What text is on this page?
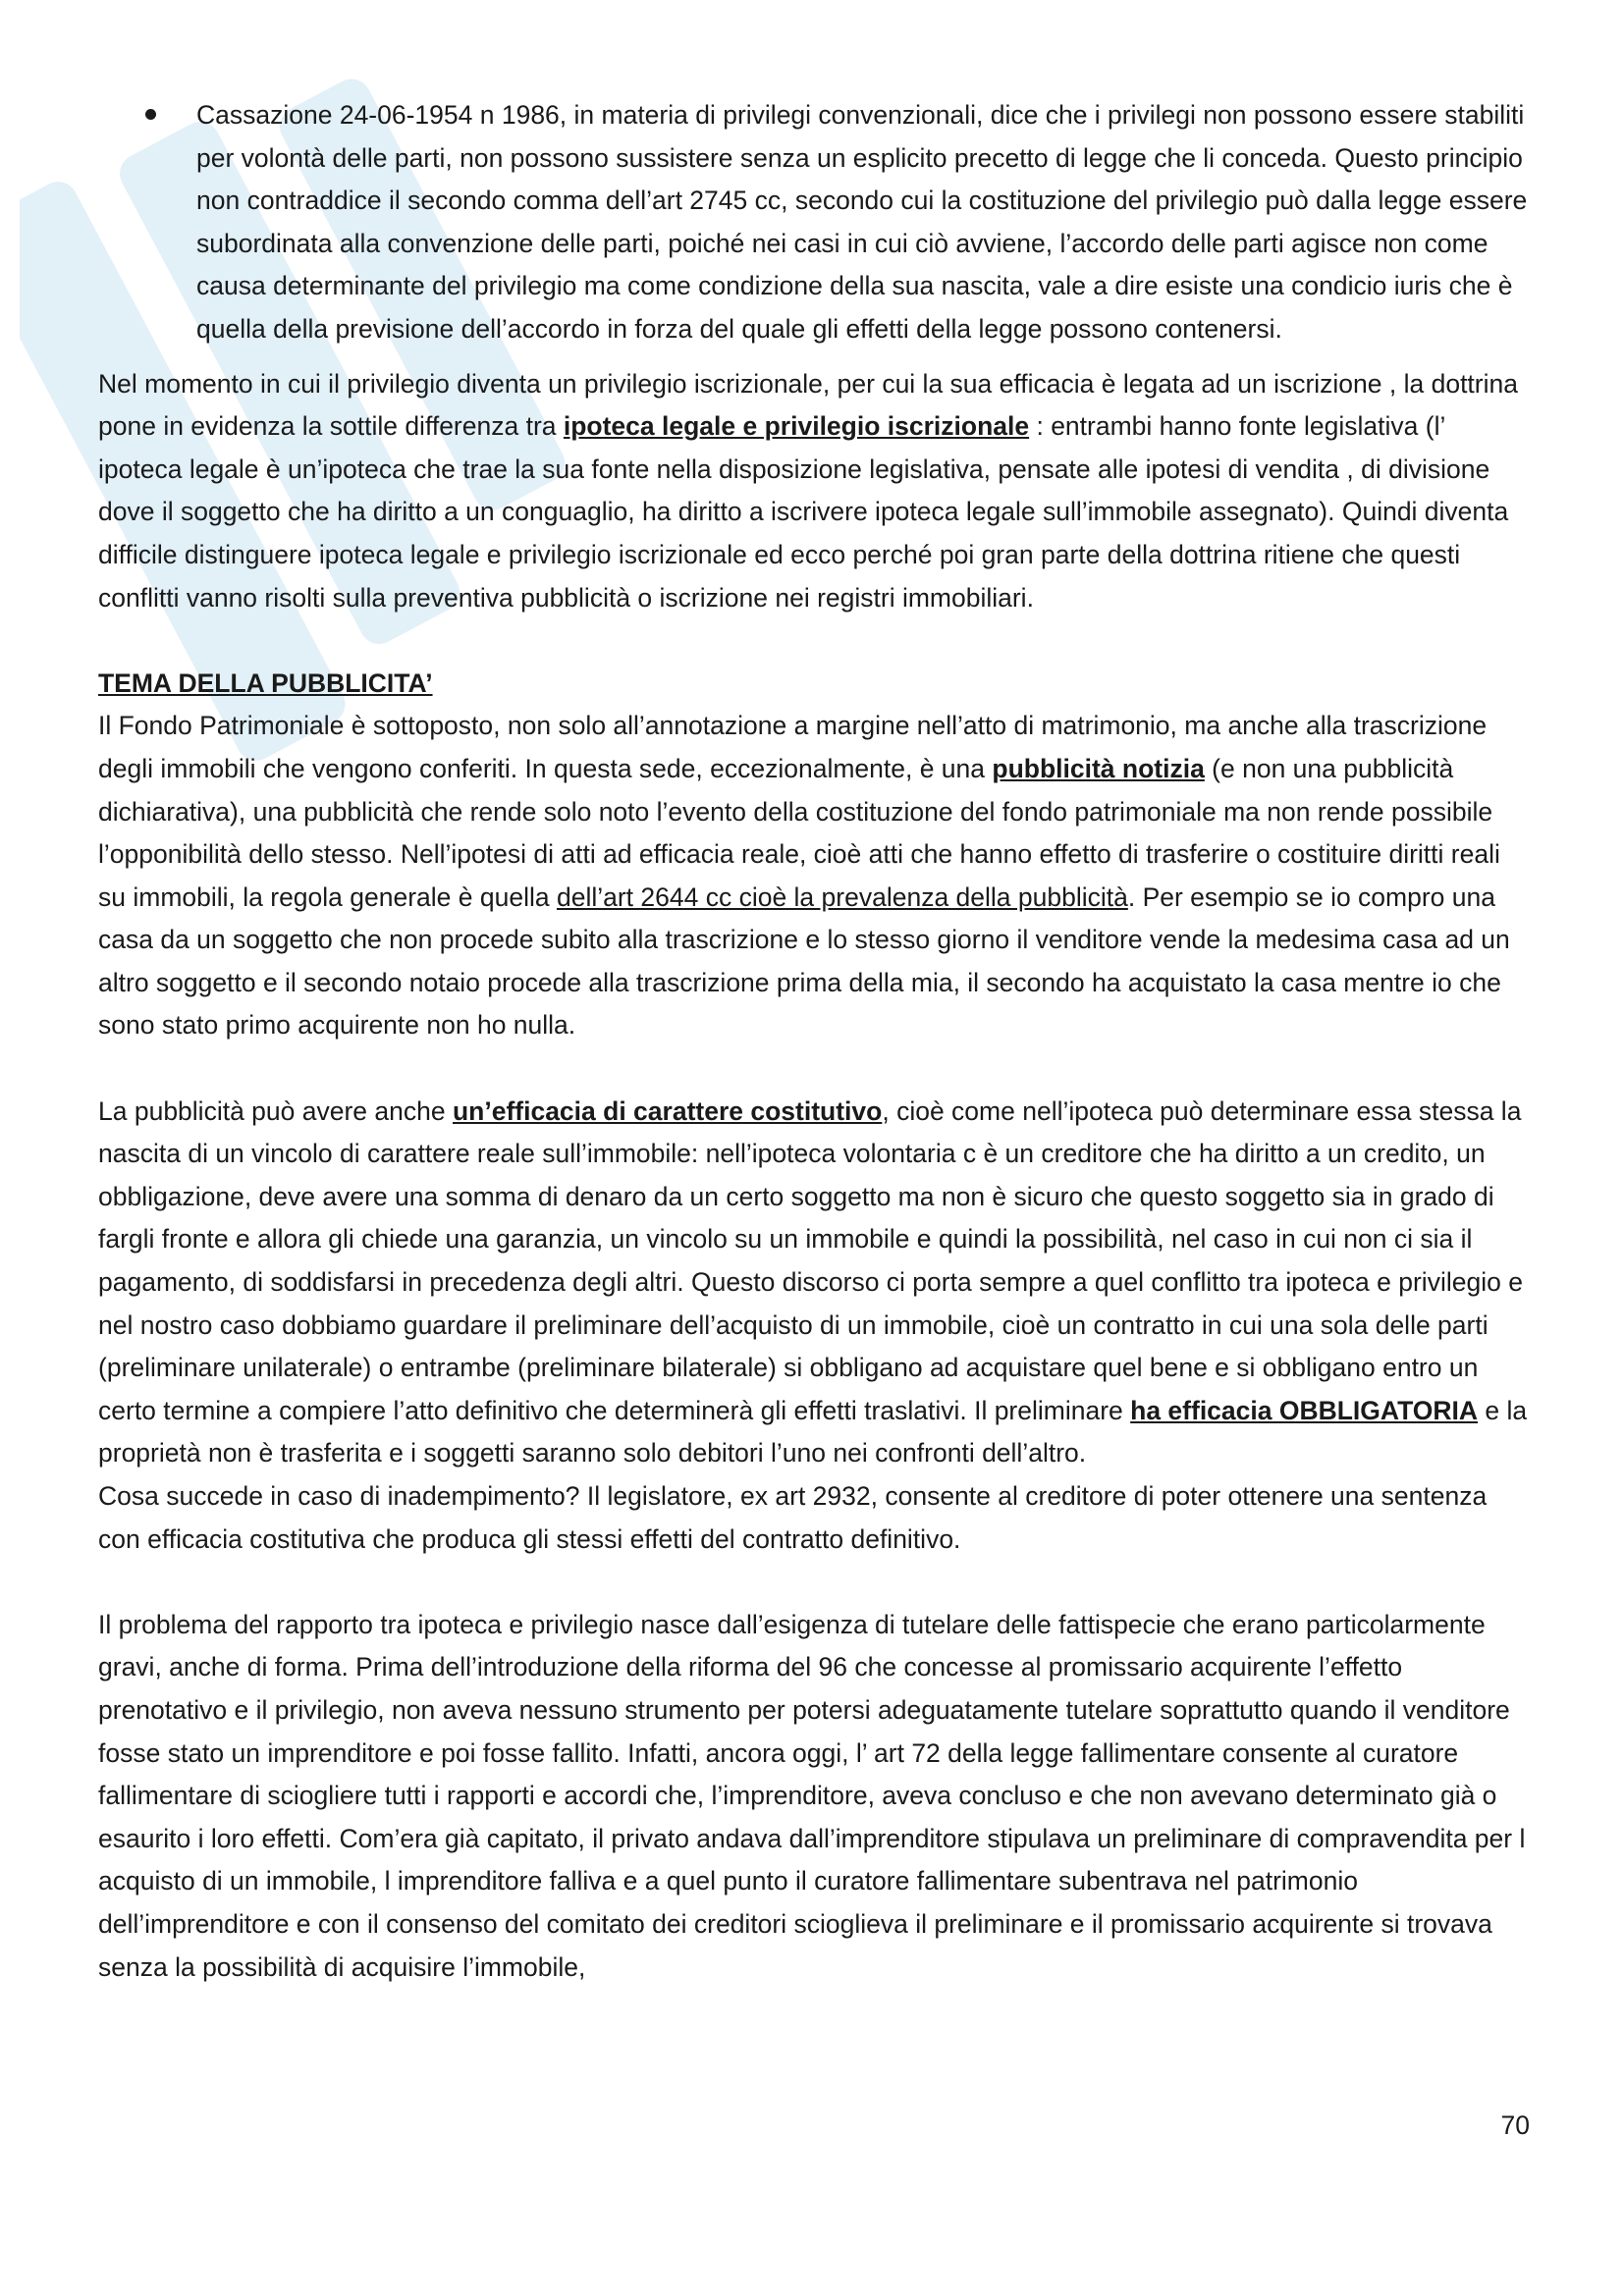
Cassazione 24-06-1954 n 1986, in materia di privilegi convenzionali, dice che i privilegi non possono essere stabiliti per volontà delle parti, non possono sussistere senza un esplicito precetto di legge che li conceda. Questo principio non contraddice il secondo comma dell’art 2745 cc, secondo cui la costituzione del privilegio può dalla legge essere subordinata alla convenzione delle parti, poiché nei casi in cui ciò avviene, l’accordo delle parti agisce non come causa determinante del privilegio ma come condizione della sua nascita, vale a dire esiste una condicio iuris che è quella della previsione dell’accordo in forza del quale gli effetti della legge possono contenersi.

Nel momento in cui il privilegio diventa un privilegio iscrizionale, per cui la sua efficacia è legata ad un iscrizione , la dottrina pone in evidenza la sottile differenza tra ipoteca legale e privilegio iscrizionale : entrambi hanno fonte legislativa (l’ ipoteca legale è un’ipoteca che trae la sua fonte nella disposizione legislativa, pensate alle ipotesi di vendita , di divisione dove il soggetto che ha diritto a un conguaglio, ha diritto a iscrivere ipoteca legale sull’immobile assegnato). Quindi diventa difficile distinguere ipoteca legale e privilegio iscrizionale ed ecco perché poi gran parte della dottrina ritiene che questi conflitti vanno risolti sulla preventiva pubblicità o iscrizione nei registri immobiliari.

TEMA DELLA PUBBLICITA’

Il Fondo Patrimoniale è sottoposto, non solo all’annotazione a margine nell’atto di matrimonio, ma anche alla trascrizione degli immobili che vengono conferiti. In questa sede, eccezionalmente, è una pubblicità notizia (e non una pubblicità dichiarativa), una pubblicità che rende solo noto l’evento della costituzione del fondo patrimoniale ma non rende possibile l’opponibilità dello stesso. Nell’ipotesi di atti ad efficacia reale, cioè atti che hanno effetto di trasferire o costituire diritti reali su immobili, la regola generale è quella dell’art 2644 cc cioè la prevalenza della pubblicità. Per esempio se io compro una casa da un soggetto che non procede subito alla trascrizione e lo stesso giorno il venditore vende la medesima casa ad un altro soggetto e il secondo notaio procede alla trascrizione prima della mia, il secondo ha acquistato la casa mentre io che sono stato primo acquirente non ho nulla.

La pubblicità può avere anche un’efficacia di carattere costitutivo, cioè come nell’ipoteca può determinare essa stessa la nascita di un vincolo di carattere reale sull’immobile: nell’ipoteca volontaria c è un creditore che ha diritto a un credito, un obbligazione, deve avere una somma di denaro da un certo soggetto ma non è sicuro che questo soggetto sia in grado di fargli fronte e allora gli chiede una garanzia, un vincolo su un immobile e quindi la possibilità, nel caso in cui non ci sia il pagamento, di soddisfarsi in precedenza degli altri. Questo discorso ci porta sempre a quel conflitto tra ipoteca e privilegio e nel nostro caso dobbiamo guardare il preliminare dell’acquisto di un immobile, cioè un contratto in cui una sola delle parti (preliminare unilaterale) o entrambe (preliminare bilaterale) si obbligano ad acquistare quel bene e si obbligano entro un certo termine a compiere l’atto definitivo che determinerà gli effetti traslativi. Il preliminare ha efficacia OBBLIGATORIA e la proprietà non è trasferita e i soggetti saranno solo debitori l’uno nei confronti dell’altro.

Cosa succede in caso di inadempimento? Il legislatore, ex art 2932, consente al creditore di poter ottenere una sentenza con efficacia costitutiva che produca gli stessi effetti del contratto definitivo.

Il problema del rapporto tra ipoteca e privilegio nasce dall’esigenza di tutelare delle fattispecie che erano particolarmente gravi, anche di forma. Prima dell’introduzione della riforma del 96 che concesse al promissario acquirente l’effetto prenotativo e il privilegio, non aveva nessuno strumento per potersi adeguatamente tutelare soprattutto quando il venditore fosse stato un imprenditore e poi fosse fallito. Infatti, ancora oggi, l’ art 72 della legge fallimentare consente al curatore fallimentare di sciogliere tutti i rapporti e accordi che, l’imprenditore, aveva concluso e che non avevano determinato già o esaurito i loro effetti. Com’era già capitato, il privato andava dall’imprenditore stipulava un preliminare di compravendita per l acquisto di un immobile, l imprenditore falliva e a quel punto il curatore fallimentare subentrava nel patrimonio dell’imprenditore e con il consenso del comitato dei creditori scioglieva il preliminare e il promissario acquirente si trovava senza la possibilità di acquisire l’immobile,

70
